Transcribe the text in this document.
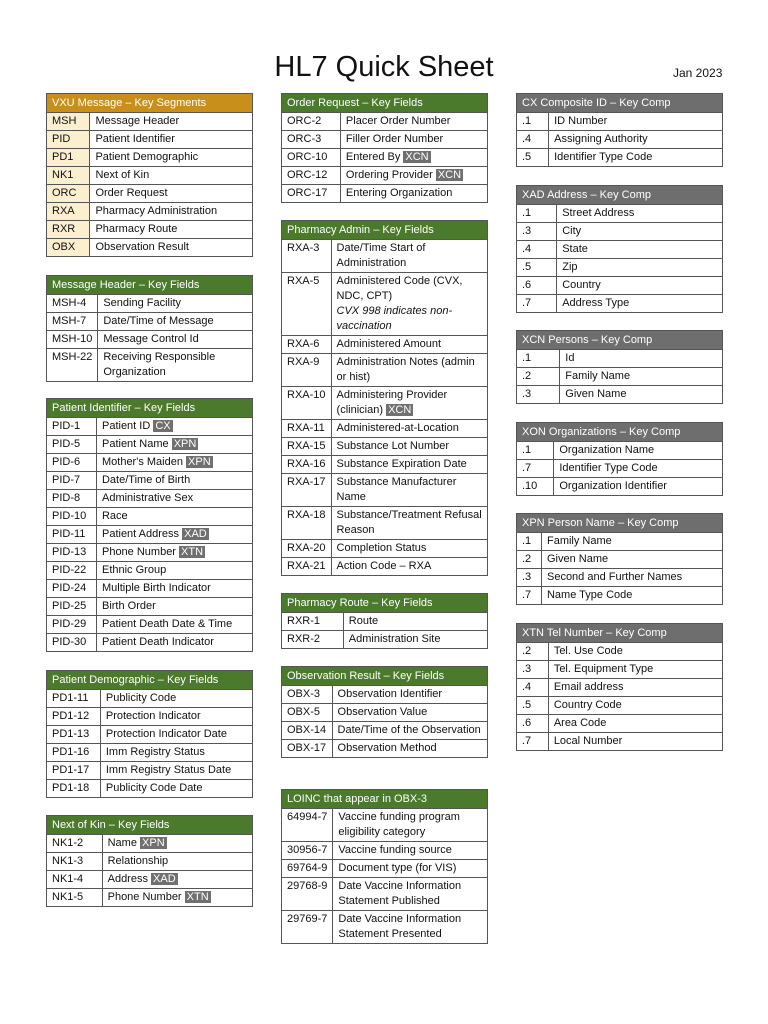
HL7 Quick Sheet	Jan 2023
VXU Message – Key Segments	
MSH	Message Header
PID	Patient Identifier
PD1	Patient Demographic
NK1	Next of Kin
ORC	Order Request
RXA	Pharmacy Administration
RXR	Pharmacy Route
OBX	Observation Result
Message Header – Key Fields	
MSH-4	Sending Facility
MSH-7	Date/Time of Message
MSH-10	Message Control Id
MSH-22	Receiving Responsible Organization
Patient Identifier – Key Fields	
PID-1	Patient ID CX
PID-5	Patient Name XPN
PID-6	Mother's Maiden XPN
PID-7	Date/Time of Birth
PID-8	Administrative Sex
PID-10	Race
PID-11	Patient Address XAD
PID-13	Phone Number XTN
PID-22	Ethnic Group
PID-24	Multiple Birth Indicator
PID-25	Birth Order
PID-29	Patient Death Date & Time
PID-30	Patient Death Indicator
Patient Demographic – Key Fields	
PD1-11	Publicity Code
PD1-12	Protection Indicator
PD1-13	Protection Indicator Date
PD1-16	Imm Registry Status
PD1-17	Imm Registry Status Date
PD1-18	Publicity Code Date
Next of Kin – Key Fields	
NK1-2	Name XPN
NK1-3	Relationship
NK1-4	Address XAD
NK1-5	Phone Number XTN
Order Request – Key Fields	
ORC-2	Placer Order Number
ORC-3	Filler Order Number
ORC-10	Entered By XCN
ORC-12	Ordering Provider XCN
ORC-17	Entering Organization
Pharmacy Admin – Key Fields	
RXA-3	Date/Time Start of Administration
RXA-5	Administered Code (CVX, NDC, CPT)
CVX 998 indicates non-vaccination
RXA-6	Administered Amount
RXA-9	Administration Notes (admin or hist)
RXA-10	Administering Provider (clinician) XCN
RXA-11	Administered-at-Location
RXA-15	Substance Lot Number
RXA-16	Substance Expiration Date
RXA-17	Substance Manufacturer Name
RXA-18	Substance/Treatment Refusal Reason
RXA-20	Completion Status
RXA-21	Action Code – RXA
Pharmacy Route – Key Fields	
RXR-1	Route
RXR-2	Administration Site
Observation Result – Key Fields	
OBX-3	Observation Identifier
OBX-5	Observation Value
OBX-14	Date/Time of the Observation
OBX-17	Observation Method
LOINC that appear in OBX-3	
64994-7	Vaccine funding program eligibility category
30956-7	Vaccine funding source
69764-9	Document type (for VIS)
29768-9	Date Vaccine Information Statement Published
29769-7	Date Vaccine Information Statement Presented
CX Composite ID – Key Comp	
.1	ID Number
.4	Assigning Authority
.5	Identifier Type Code
XAD Address – Key Comp	
.1	Street Address
.3	City
.4	State
.5	Zip
.6	Country
.7	Address Type
XCN Persons – Key Comp	
.1	Id
.2	Family Name
.3	Given Name
XON Organizations – Key Comp	
.1	Organization Name
.7	Identifier Type Code
.10	Organization Identifier
XPN Person Name – Key Comp	
.1	Family Name
.2	Given Name
.3	Second and Further Names
.7	Name Type Code
XTN Tel Number – Key Comp	
.2	Tel. Use Code
.3	Tel. Equipment Type
.4	Email address
.5	Country Code
.6	Area Code
.7	Local Number
